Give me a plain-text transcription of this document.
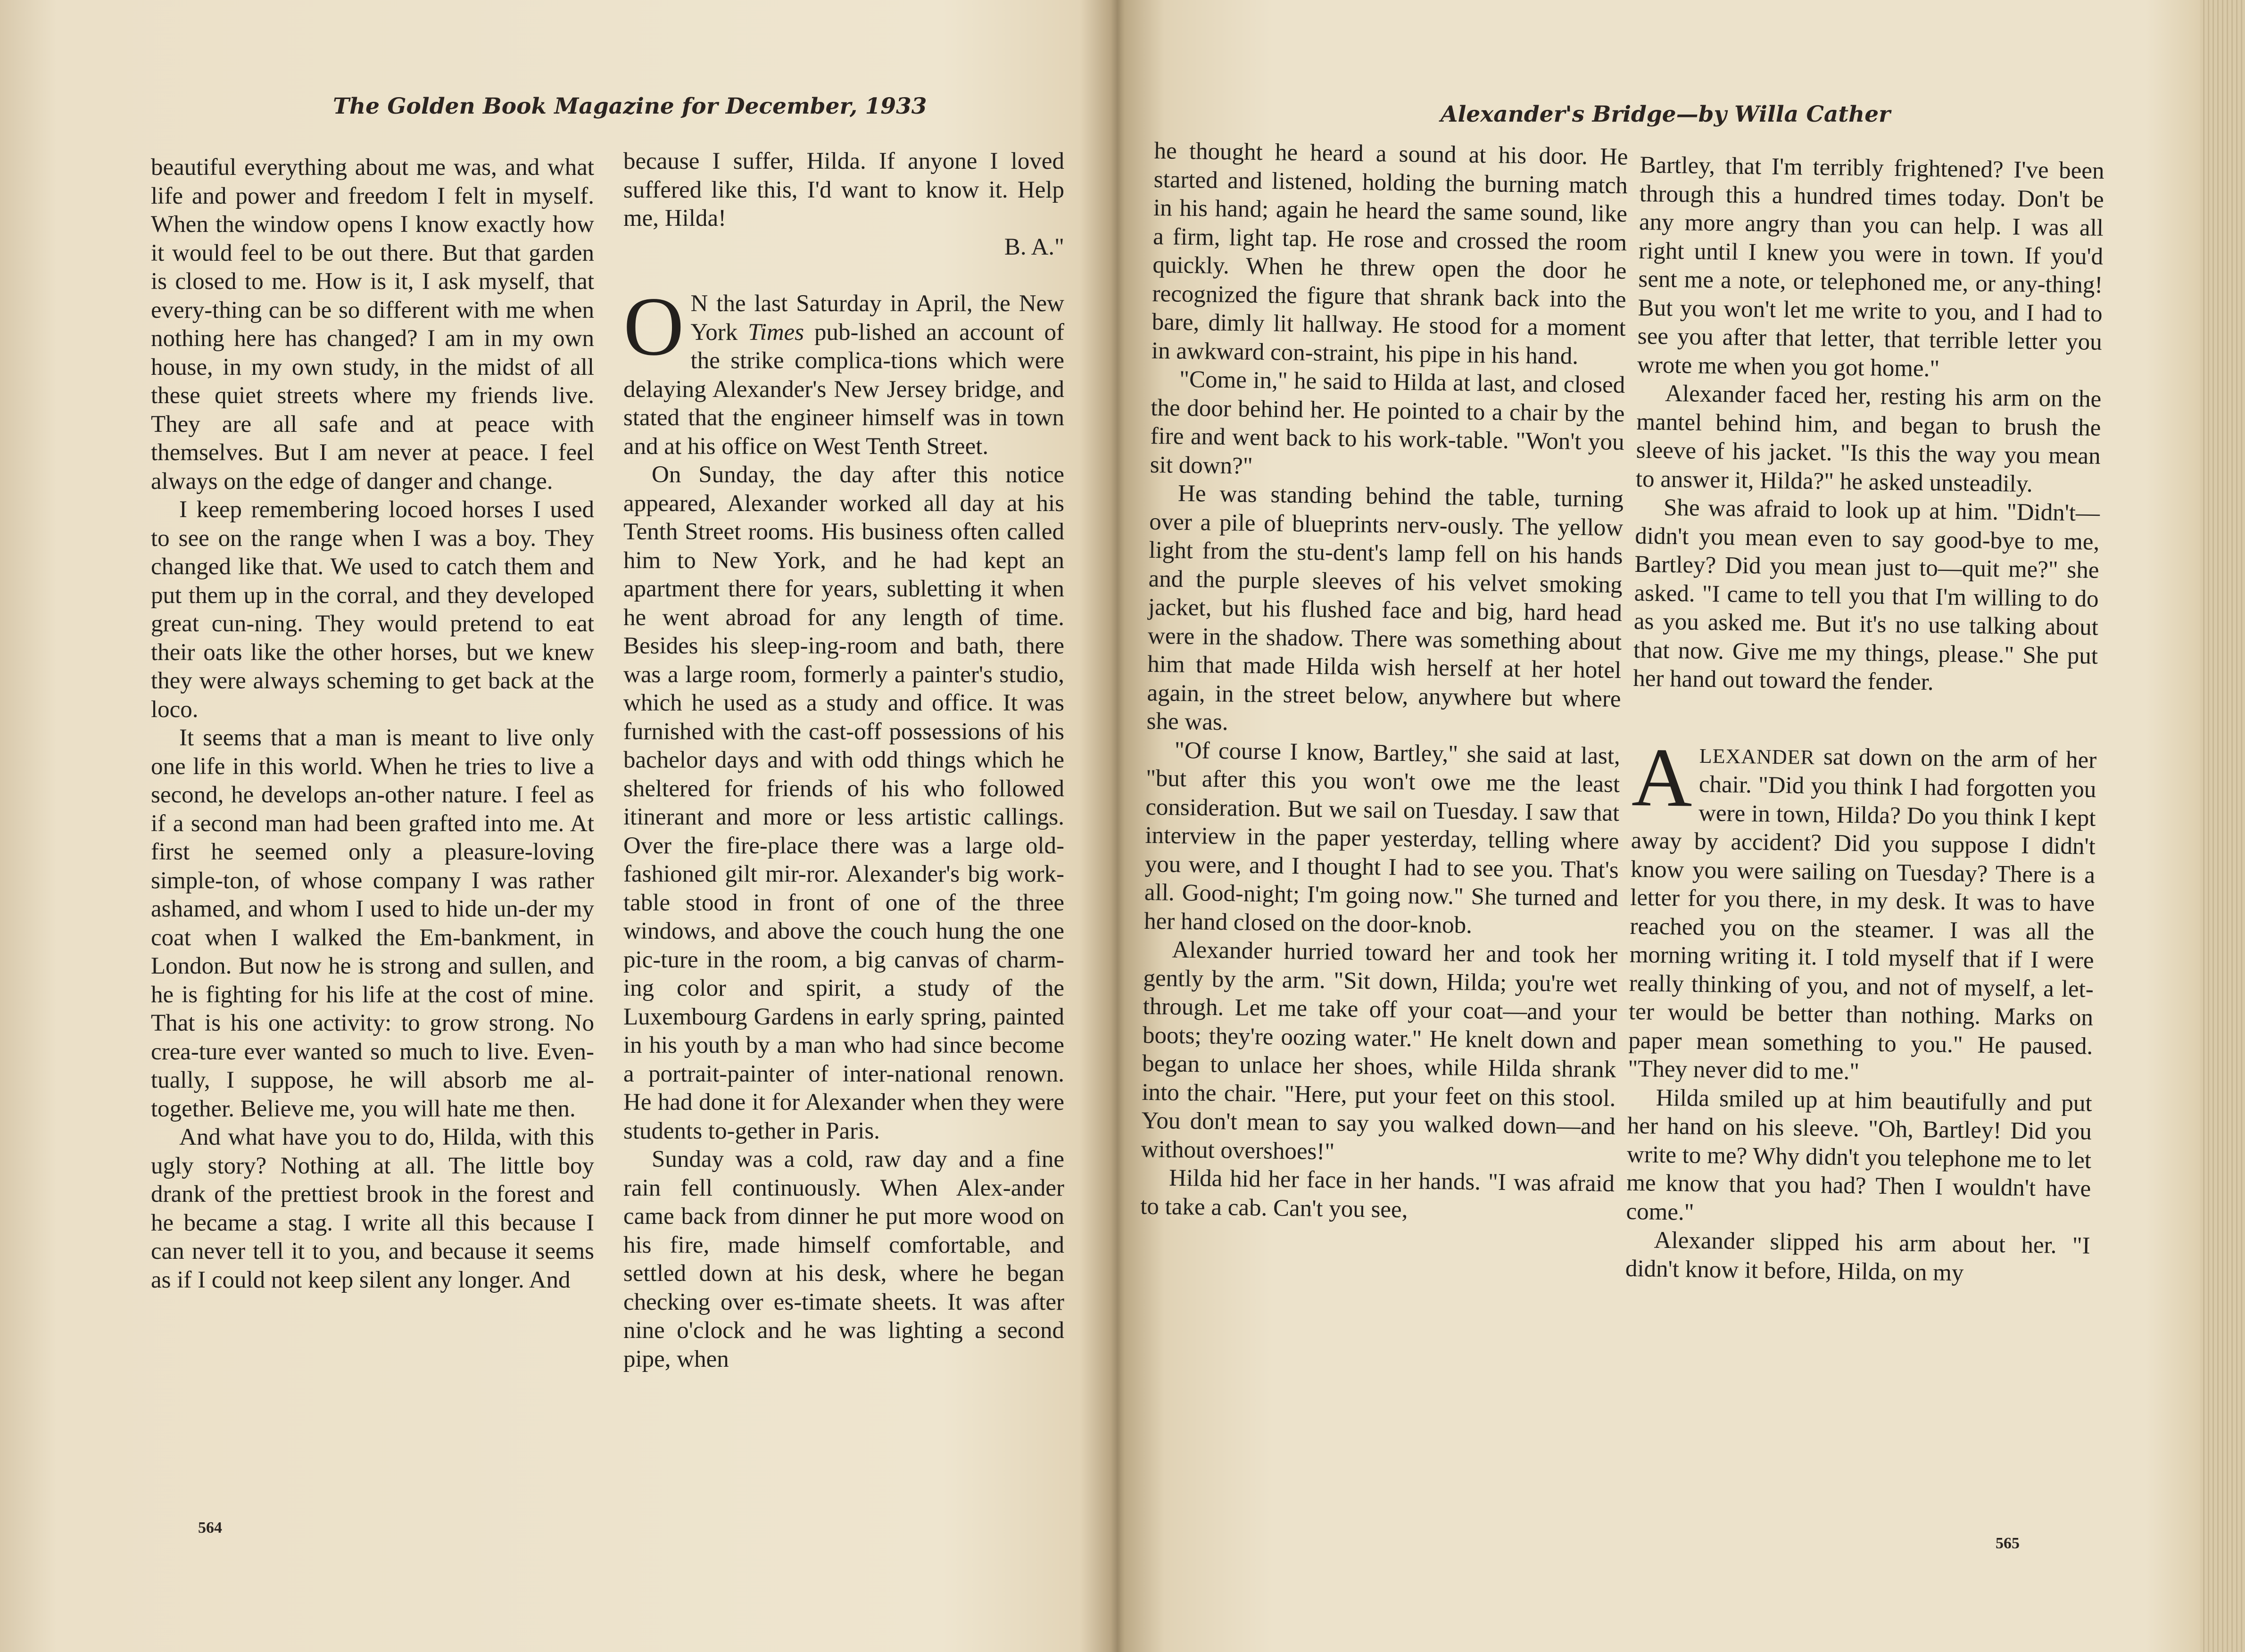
The Golden Book Magazine for December, 1933

beautiful everything about me was, and what life and power and freedom I felt in myself. When the window opens I know exactly how it would feel to be out there. But that garden is closed to me. How is it, I ask myself, that every-thing can be so different with me when nothing here has changed? I am in my own house, in my own study, in the midst of all these quiet streets where my friends live. They are all safe and at peace with themselves. But I am never at peace. I feel always on the edge of danger and change.

I keep remembering locoed horses I used to see on the range when I was a boy. They changed like that. We used to catch them and put them up in the corral, and they developed great cun-ning. They would pretend to eat their oats like the other horses, but we knew they were always scheming to get back at the loco.

It seems that a man is meant to live only one life in this world. When he tries to live a second, he develops an-other nature. I feel as if a second man had been grafted into me. At first he seemed only a pleasure-loving simple-ton, of whose company I was rather ashamed, and whom I used to hide un-der my coat when I walked the Em-bankment, in London. But now he is strong and sullen, and he is fighting for his life at the cost of mine. That is his one activity: to grow strong. No crea-ture ever wanted so much to live. Even-tually, I suppose, he will absorb me al-together. Believe me, you will hate me then.

And what have you to do, Hilda, with this ugly story? Nothing at all. The little boy drank of the prettiest brook in the forest and he became a stag. I write all this because I can never tell it to you, and because it seems as if I could not keep silent any longer. And

because I suffer, Hilda. If anyone I loved suffered like this, I'd want to know it. Help me, Hilda!

B. A."

O N the last Saturday in April, the New York Times pub-lished an account of the strike complica-tions which were delaying Alexander's New Jersey bridge, and stated that the engineer himself was in town and at his office on West Tenth Street.

On Sunday, the day after this notice appeared, Alexander worked all day at his Tenth Street rooms. His business often called him to New York, and he had kept an apartment there for years, subletting it when he went abroad for any length of time. Besides his sleep-ing-room and bath, there was a large room, formerly a painter's studio, which he used as a study and office. It was furnished with the cast-off possessions of his bachelor days and with odd things which he sheltered for friends of his who followed itinerant and more or less artistic callings. Over the fire-place there was a large old-fashioned gilt mir-ror. Alexander's big work-table stood in front of one of the three windows, and above the couch hung the one pic-ture in the room, a big canvas of charm-ing color and spirit, a study of the Luxembourg Gardens in early spring, painted in his youth by a man who had since become a portrait-painter of inter-national renown. He had done it for Alexander when they were students to-gether in Paris.

Sunday was a cold, raw day and a fine rain fell continuously. When Alex-ander came back from dinner he put more wood on his fire, made himself comfortable, and settled down at his desk, where he began checking over es-timate sheets. It was after nine o'clock and he was lighting a second pipe, when

564
Alexander's Bridge—by Willa Cather

he thought he heard a sound at his door. He started and listened, holding the burning match in his hand; again he heard the same sound, like a firm, light tap. He rose and crossed the room quickly. When he threw open the door he recognized the figure that shrank back into the bare, dimly lit hallway. He stood for a moment in awkward con-straint, his pipe in his hand.

"Come in," he said to Hilda at last, and closed the door behind her. He pointed to a chair by the fire and went back to his work-table. "Won't you sit down?"

He was standing behind the table, turning over a pile of blueprints nerv-ously. The yellow light from the stu-dent's lamp fell on his hands and the purple sleeves of his velvet smoking jacket, but his flushed face and big, hard head were in the shadow. There was something about him that made Hilda wish herself at her hotel again, in the street below, anywhere but where she was.

"Of course I know, Bartley," she said at last, "but after this you won't owe me the least consideration. But we sail on Tuesday. I saw that interview in the paper yesterday, telling where you were, and I thought I had to see you. That's all. Good-night; I'm going now." She turned and her hand closed on the door-knob.

Alexander hurried toward her and took her gently by the arm. "Sit down, Hilda; you're wet through. Let me take off your coat—and your boots; they're oozing water." He knelt down and began to unlace her shoes, while Hilda shrank into the chair. "Here, put your feet on this stool. You don't mean to say you walked down—and without overshoes!"

Hilda hid her face in her hands. "I was afraid to take a cab. Can't you see,

Bartley, that I'm terribly frightened? I've been through this a hundred times today. Don't be any more angry than you can help. I was all right until I knew you were in town. If you'd sent me a note, or telephoned me, or any-thing! But you won't let me write to you, and I had to see you after that letter, that terrible letter you wrote me when you got home."

Alexander faced her, resting his arm on the mantel behind him, and began to brush the sleeve of his jacket. "Is this the way you mean to answer it, Hilda?" he asked unsteadily.

She was afraid to look up at him. "Didn't—didn't you mean even to say good-bye to me, Bartley? Did you mean just to—quit me?" she asked. "I came to tell you that I'm willing to do as you asked me. But it's no use talking about that now. Give me my things, please." She put her hand out toward the fender.

ALEXANDER sat down on the arm of her chair. "Did you think I had forgotten you were in town, Hilda? Do you think I kept away by accident? Did you suppose I didn't know you were sailing on Tuesday? There is a letter for you there, in my desk. It was to have reached you on the steamer. I was all the morning writing it. I told myself that if I were really thinking of you, and not of myself, a let-ter would be better than nothing. Marks on paper mean something to you." He paused. "They never did to me."

Hilda smiled up at him beautifully and put her hand on his sleeve. "Oh, Bartley! Did you write to me? Why didn't you telephone me to let me know that you had? Then I wouldn't have come."

Alexander slipped his arm about her. "I didn't know it before, Hilda, on my

565
